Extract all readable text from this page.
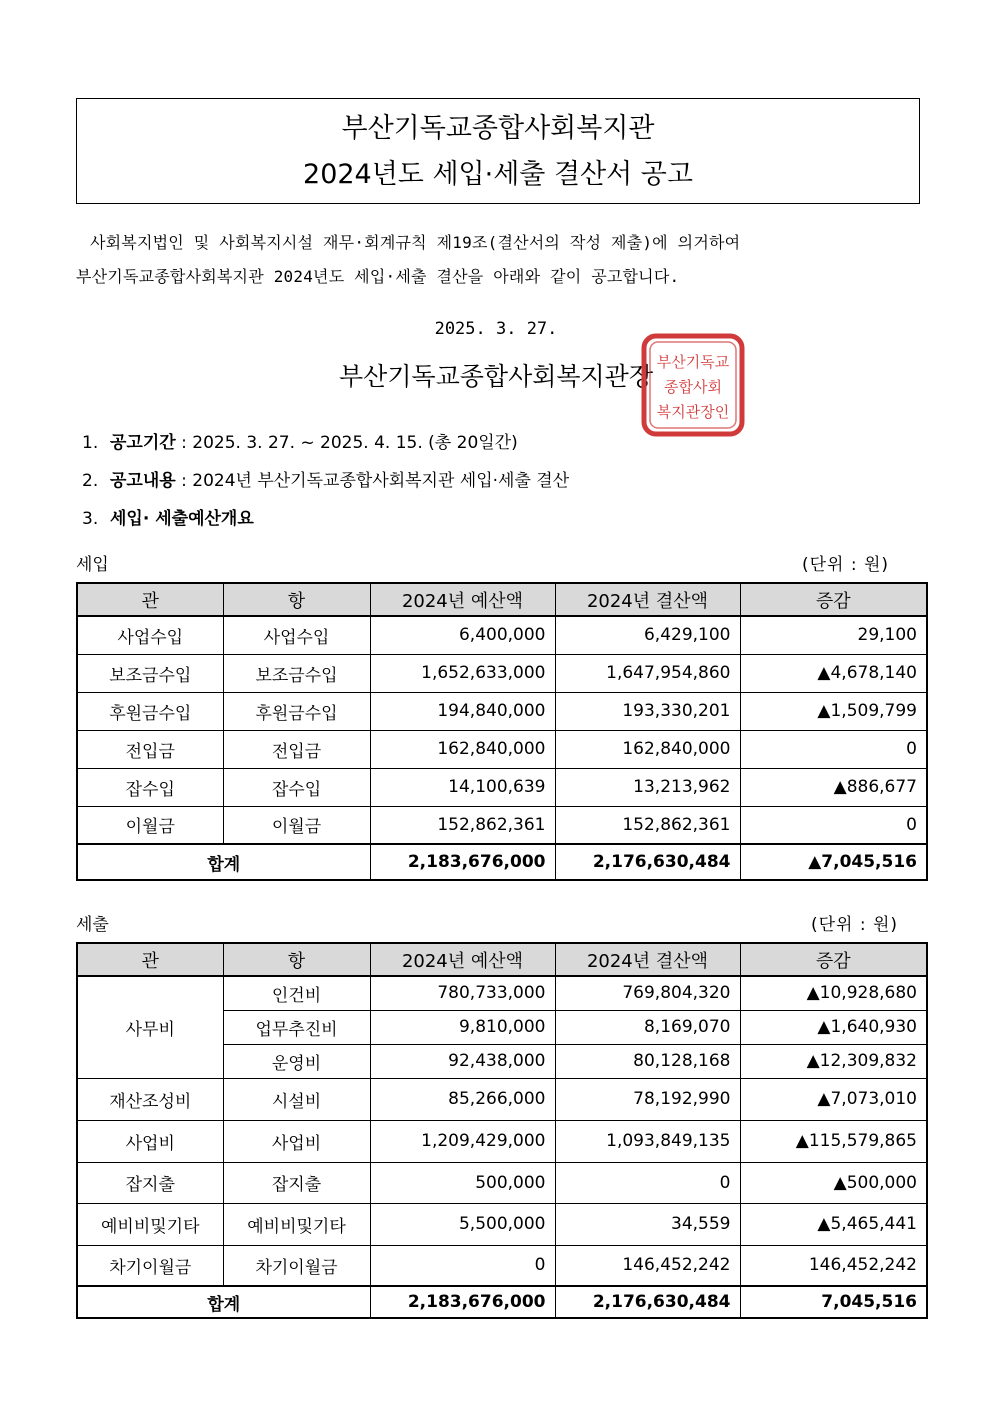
부산기독교종합사회복지관
2024년도 세입·세출 결산서 공고
사회복지법인 및 사회복지시설 재무·회계규칙 제19조(결산서의 작성 제출)에 의거하여
부산기독교종합사회복지관 2024년도 세입·세출 결산을 아래와 같이 공고합니다.
2025. 3. 27.
부산기독교종합사회복지관장 부산기독교
종합사회
복지관장인
1. 공고기간 : 2025. 3. 27. ~ 2025. 4. 15. (총 20일간)
2. 공고내용 : 2024년 부산기독교종합사회복지관 세입·세출 결산
3. 세입· 세출예산개요
세입	(단위 : 원)
관	항	2024년 예산액	2024년 결산액	증감
사업수입	사업수입	6,400,000	6,429,100	29,100
보조금수입	보조금수입	1,652,633,000	1,647,954,860	▲4,678,140
후원금수입	후원금수입	194,840,000	193,330,201	▲1,509,799
전입금	전입금	162,840,000	162,840,000	0
잡수입	잡수입	14,100,639	13,213,962	▲886,677
이월금	이월금	152,862,361	152,862,361	0
합계		2,183,676,000	2,176,630,484	▲7,045,516
세출	(단위 : 원)
관	항	2024년 예산액	2024년 결산액	증감
사무비	인건비	780,733,000	769,804,320	▲10,928,680
	업무추진비	9,810,000	8,169,070	▲1,640,930
	운영비	92,438,000	80,128,168	▲12,309,832
재산조성비	시설비	85,266,000	78,192,990	▲7,073,010
사업비	사업비	1,209,429,000	1,093,849,135	▲115,579,865
잡지출	잡지출	500,000	0	▲500,000
예비비및기타	예비비및기타	5,500,000	34,559	▲5,465,441
차기이월금	차기이월금	0	146,452,242	146,452,242
합계		2,183,676,000	2,176,630,484	7,045,516
